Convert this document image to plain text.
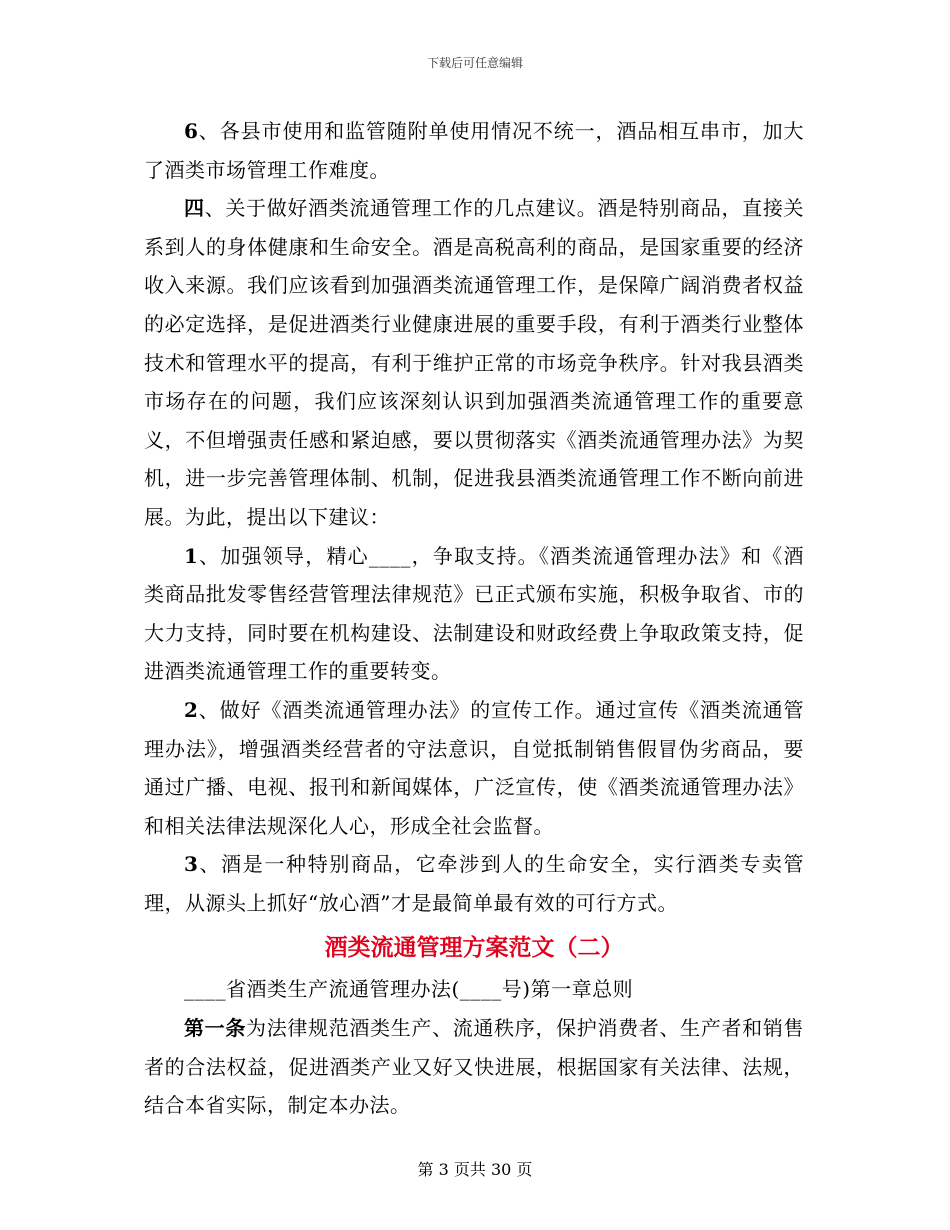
下载后可任意编辑

6、各县市使用和监管随附单使用情况不统一，酒品相互串市，加大了酒类市场管理工作难度。

四、关于做好酒类流通管理工作的几点建议。酒是特别商品，直接关系到人的身体健康和生命安全。酒是高税高利的商品，是国家重要的经济收入来源。我们应该看到加强酒类流通管理工作，是保障广阔消费者权益的必定选择，是促进酒类行业健康进展的重要手段，有利于酒类行业整体技术和管理水平的提高，有利于维护正常的市场竞争秩序。针对我县酒类市场存在的问题，我们应该深刻认识到加强酒类流通管理工作的重要意义，不但增强责任感和紧迫感，要以贯彻落实《酒类流通管理办法》为契机，进一步完善管理体制、机制，促进我县酒类流通管理工作不断向前进展。为此，提出以下建议：

1、加强领导，精心____，争取支持。《酒类流通管理办法》和《酒类商品批发零售经营管理法律规范》已正式颁布实施，积极争取省、市的大力支持，同时要在机构建设、法制建设和财政经费上争取政策支持，促进酒类流通管理工作的重要转变。

2、做好《酒类流通管理办法》的宣传工作。通过宣传《酒类流通管理办法》，增强酒类经营者的守法意识，自觉抵制销售假冒伪劣商品，要通过广播、电视、报刊和新闻媒体，广泛宣传，使《酒类流通管理办法》和相关法律法规深化人心，形成全社会监督。

3、酒是一种特别商品，它牵涉到人的生命安全，实行酒类专卖管理，从源头上抓好“放心酒”才是最简单最有效的可行方式。

酒类流通管理方案范文（二）

____省酒类生产流通管理办法(____号)第一章总则

第一条为法律规范酒类生产、流通秩序，保护消费者、生产者和销售者的合法权益，促进酒类产业又好又快进展，根据国家有关法律、法规，结合本省实际，制定本办法。

第 3 页共 30 页
